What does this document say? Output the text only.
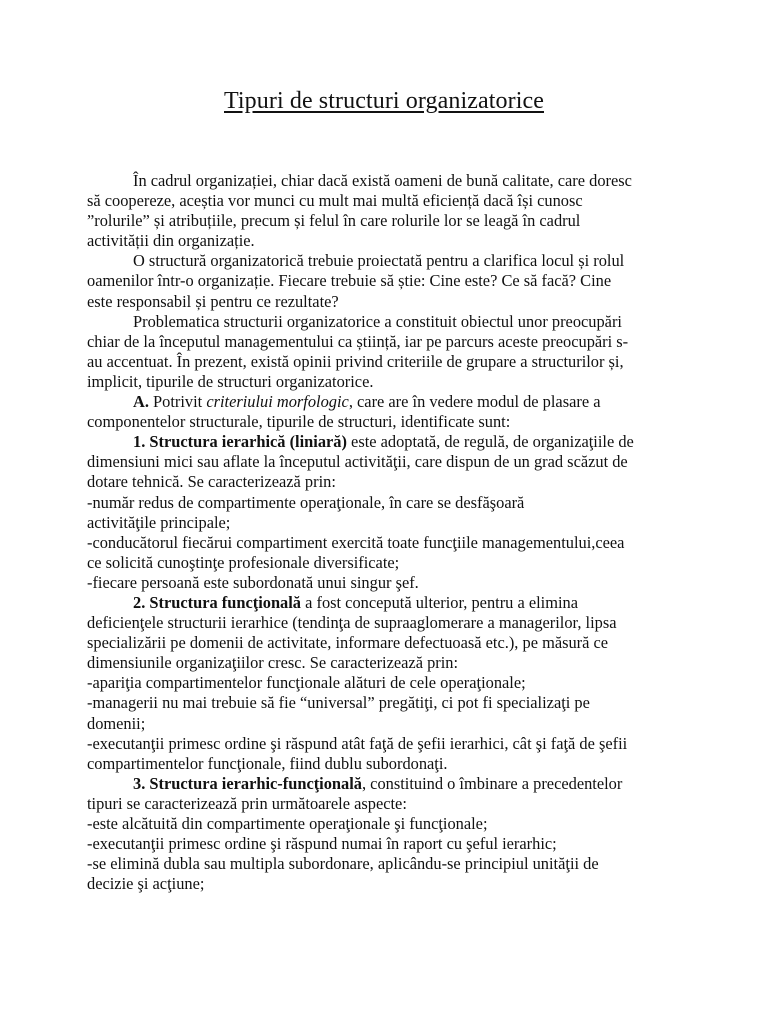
Tipuri de structuri organizatorice
În cadrul organizației, chiar dacă există oameni de bună calitate, care doresc
să coopereze, aceștia vor munci cu mult mai multă eficiență dacă își cunosc
”rolurile” și atribuțiile, precum și felul în care rolurile lor se leagă în cadrul
activității din organizație.
O structură organizatorică trebuie proiectată pentru a clarifica locul și rolul
oamenilor într-o organizație. Fiecare trebuie să știe: Cine este? Ce să facă? Cine
este responsabil și pentru ce rezultate?
Problematica structurii organizatorice a constituit obiectul unor preocupări
chiar de la începutul managementului ca știință, iar pe parcurs aceste preocupări s-
au accentuat. În prezent, există opinii privind criteriile de grupare a structurilor și,
implicit, tipurile de structuri organizatorice.
A. Potrivit criteriului morfologic, care are în vedere modul de plasare a
componentelor structurale, tipurile de structuri, identificate sunt:
1. Structura ierarhică (liniară) este adoptată, de regulă, de organizaţiile de
dimensiuni mici sau aflate la începutul activităţii, care dispun de un grad scăzut de
dotare tehnică. Se caracterizează prin:
-număr redus de compartimente operaţionale, în care se desfăşoară
activităţile principale;
-conducătorul fiecărui compartiment exercită toate funcţiile managementului,ceea
ce solicită cunoştinţe profesionale diversificate;
-fiecare persoană este subordonată unui singur şef.
2. Structura funcţională a fost concepută ulterior, pentru a elimina
deficienţele structurii ierarhice (tendinţa de supraaglomerare a managerilor, lipsa
specializării pe domenii de activitate, informare defectuoasă etc.), pe măsură ce
dimensiunile organizaţiilor cresc. Se caracterizează prin:
-apariţia compartimentelor funcţionale alături de cele operaţionale;
-managerii nu mai trebuie să fie “universal” pregătiţi, ci pot fi specializaţi pe
domenii;
-executanţii primesc ordine şi răspund atât faţă de şefii ierarhici, cât şi faţă de şefii
compartimentelor funcţionale, fiind dublu subordonaţi.
3. Structura ierarhic-funcţională, constituind o îmbinare a precedentelor
tipuri se caracterizează prin următoarele aspecte:
-este alcătuită din compartimente operaţionale şi funcţionale;
-executanţii primesc ordine şi răspund numai în raport cu şeful ierarhic;
-se elimină dubla sau multipla subordonare, aplicându-se principiul unităţii de
decizie şi acţiune;
